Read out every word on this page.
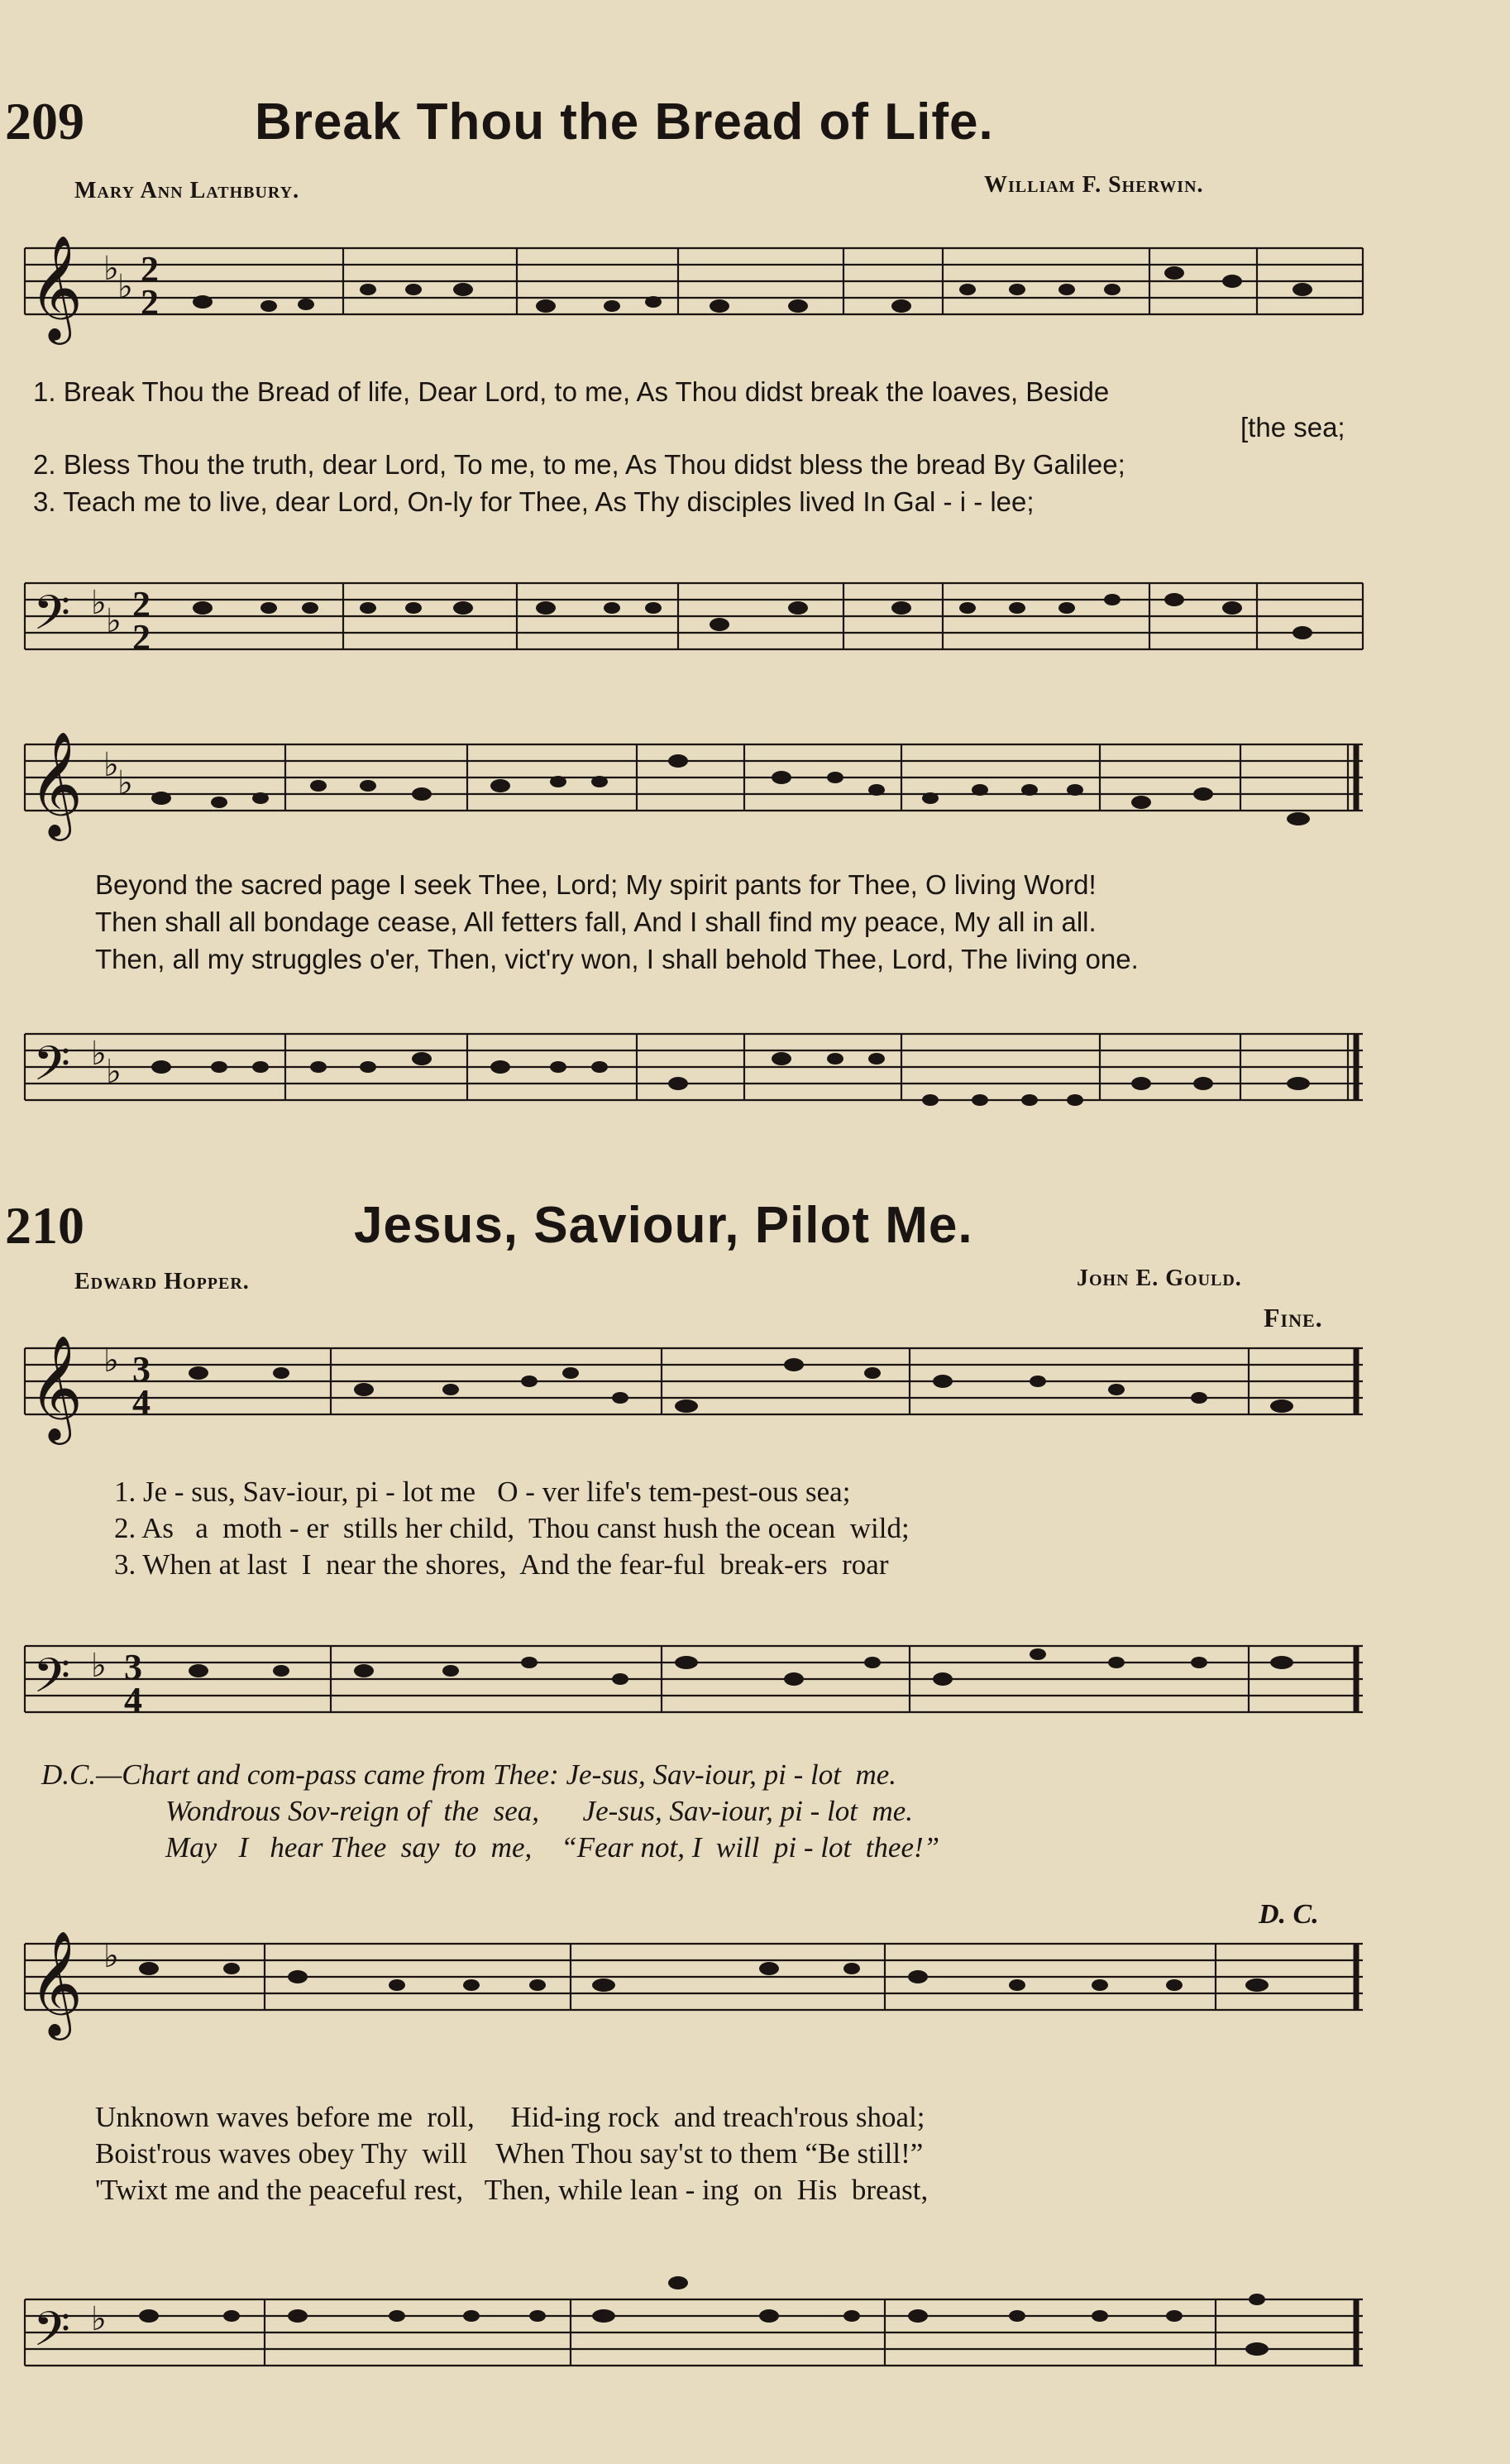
209	Break Thou the Bread of Life.
Mary Ann Lathbury.	William F. Sherwin.
𝄞 ♭
♭ 2
2
1. Break Thou the Bread of life, Dear Lord, to me, As Thou didst break the loaves, Beside
[the sea;
2. Bless Thou the truth, dear Lord, To me, to me, As Thou didst bless the bread By Galilee;
3. Teach me to live, dear Lord, On-ly for Thee, As Thy disciples lived In Gal - i - lee;
𝄢 ♭ ♭ 2
2
𝄞 ♭
♭
Beyond the sacred page I seek Thee, Lord; My spirit pants for Thee, O living Word!
Then shall all bondage cease, All fetters fall, And I shall find my peace, My all in all.
Then, all my struggles o'er, Then, vict'ry won, I shall behold Thee, Lord, The living one.
𝄢 ♭ ♭
210	Jesus, Saviour, Pilot Me.
Edward Hopper.	John E. Gould.
Fine.
𝄞 ♭ 3
4
1. Je - sus, Sav-iour, pi - lot me   O - ver life's tem-pest-ous sea;
2. As   a  moth - er  stills her child,  Thou canst hush the ocean  wild;
3. When at last  I  near the shores,  And the fear-ful  break-ers  roar
𝄢 ♭ 3
4
D.C.—Chart and com-pass came from Thee: Je-sus, Sav-iour, pi - lot  me.
Wondrous Sov-reign of  the  sea,      Je-sus, Sav-iour, pi - lot  me.
May   I   hear Thee  say  to  me,    “Fear not, I  will  pi - lot  thee!”
D. C.
𝄞 ♭
Unknown waves before me  roll,     Hid-ing rock  and treach'rous shoal;
Boist'rous waves obey Thy  will    When Thou say'st to them “Be still!”
'Twixt me and the peaceful rest,   Then, while lean - ing  on  His  breast,
𝄢 ♭
